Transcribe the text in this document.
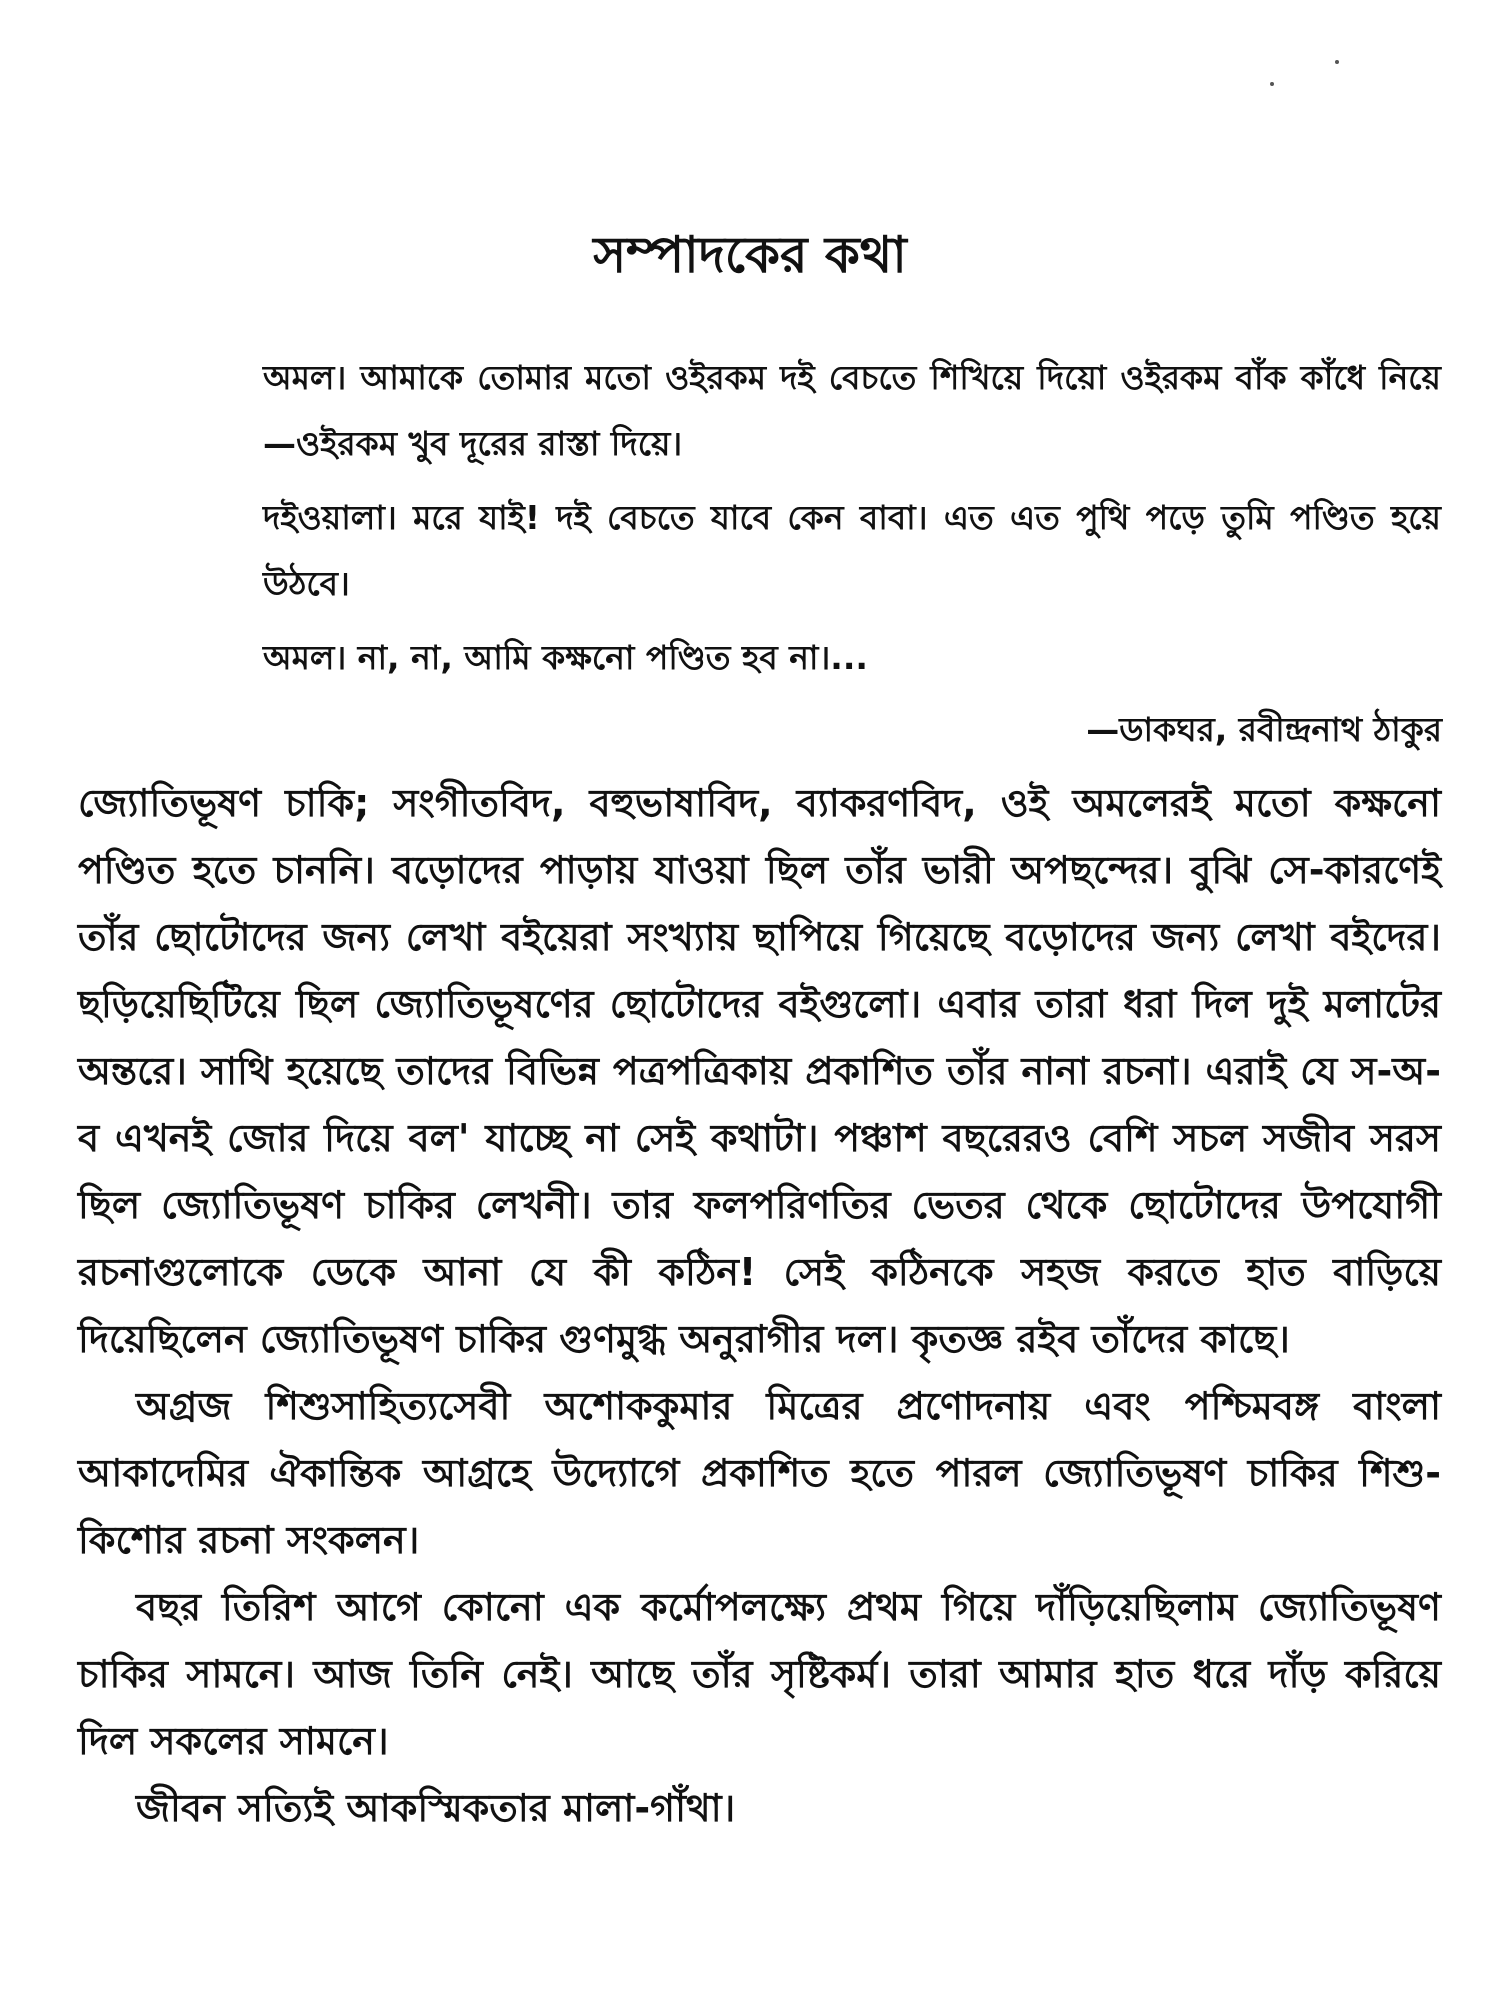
সম্পাদকের কথা

অমল। আমাকে তোমার মতো ওইরকম দই বেচতে শিখিয়ে দিয়ো ওইরকম বাঁক কাঁধে নিয়ে—ওইরকম খুব দূরের রাস্তা দিয়ে।

দইওয়ালা। মরে যাই! দই বেচতে যাবে কেন বাবা। এত এত পুথি পড়ে তুমি পণ্ডিত হয়ে উঠবে।

অমল। না, না, আমি কক্ষনো পণ্ডিত হব না।...

—ডাকঘর, রবীন্দ্রনাথ ঠাকুর

জ্যোতিভূষণ চাকি; সংগীতবিদ, বহুভাষাবিদ, ব্যাকরণবিদ, ওই অমলেরই মতো কক্ষনো পণ্ডিত হতে চাননি। বড়োদের পাড়ায় যাওয়া ছিল তাঁর ভারী অপছন্দের। বুঝি সে-কারণেই তাঁর ছোটোদের জন্য লেখা বইয়েরা সংখ্যায় ছাপিয়ে গিয়েছে বড়োদের জন্য লেখা বইদের। ছড়িয়েছিটিয়ে ছিল জ্যোতিভূষণের ছোটোদের বইগুলো। এবার তারা ধরা দিল দুই মলাটের অন্তরে। সাথি হয়েছে তাদের বিভিন্ন পত্রপত্রিকায় প্রকাশিত তাঁর নানা রচনা। এরাই যে স-অ-ব এখনই জোর দিয়ে বল' যাচ্ছে না সেই কথাটা। পঞ্চাশ বছরেরও বেশি সচল সজীব সরস ছিল জ্যোতিভূষণ চাকির লেখনী। তার ফলপরিণতির ভেতর থেকে ছোটোদের উপযোগী রচনাগুলোকে ডেকে আনা যে কী কঠিন! সেই কঠিনকে সহজ করতে হাত বাড়িয়ে দিয়েছিলেন জ্যোতিভূষণ চাকির গুণমুগ্ধ অনুরাগীর দল। কৃতজ্ঞ রইব তাঁদের কাছে।

অগ্রজ শিশুসাহিত্যসেবী অশোককুমার মিত্রের প্রণোদনায় এবং পশ্চিমবঙ্গ বাংলা আকাদেমির ঐকান্তিক আগ্রহে উদ্যোগে প্রকাশিত হতে পারল জ্যোতিভূষণ চাকির শিশু-কিশোর রচনা সংকলন।

বছর তিরিশ আগে কোনো এক কর্মোপলক্ষ্যে প্রথম গিয়ে দাঁড়িয়েছিলাম জ্যোতিভূষণ চাকির সামনে। আজ তিনি নেই। আছে তাঁর সৃষ্টিকর্ম। তারা আমার হাত ধরে দাঁড় করিয়ে দিল সকলের সামনে।

জীবন সত্যিই আকস্মিকতার মালা-গাঁথা।
